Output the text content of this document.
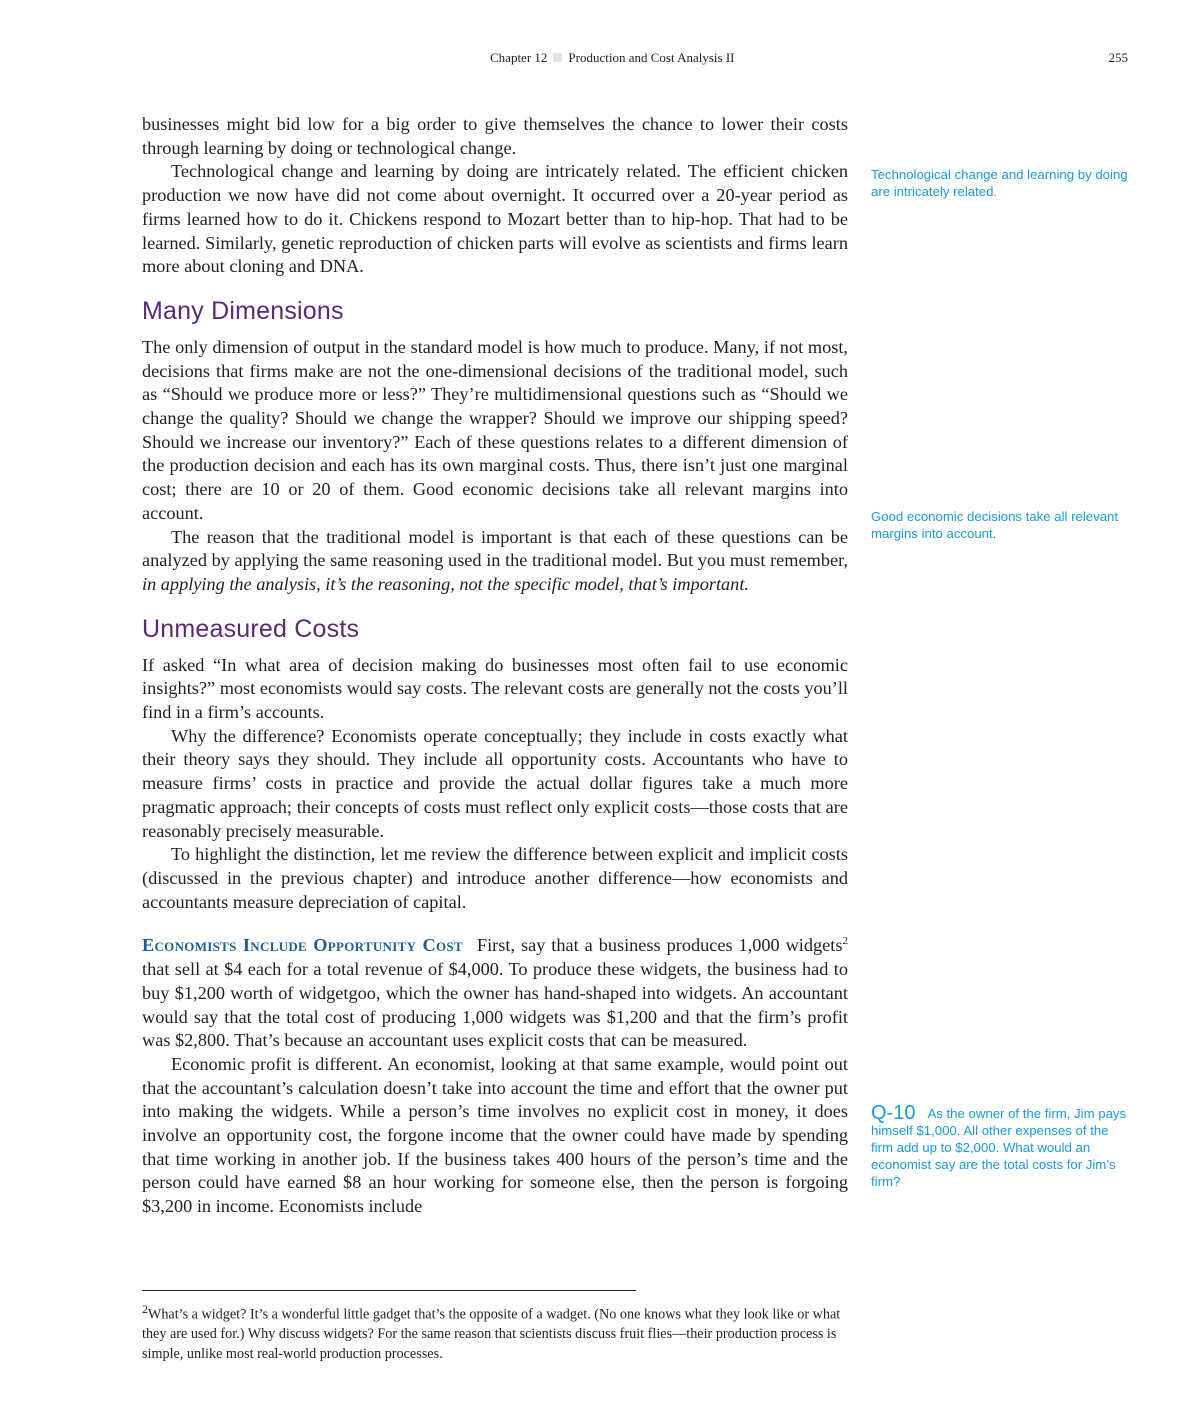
Chapter 12 Production and Cost Analysis II	255

businesses might bid low for a big order to give themselves the chance to lower their costs through learning by doing or technological change.

Technological change and learning by doing are intricately related. The efficient chicken production we now have did not come about overnight. It occurred over a 20-year period as firms learned how to do it. Chickens respond to Mozart better than to hip-hop. That had to be learned. Similarly, genetic reproduction of chicken parts will evolve as scientists and firms learn more about cloning and DNA.

Many Dimensions

The only dimension of output in the standard model is how much to produce. Many, if not most, decisions that firms make are not the one-dimensional decisions of the traditional model, such as “Should we produce more or less?” They’re multidimensional questions such as “Should we change the quality? Should we change the wrapper? Should we improve our shipping speed? Should we increase our inventory?” Each of these questions relates to a different dimension of the production decision and each has its own marginal costs. Thus, there isn’t just one marginal cost; there are 10 or 20 of them. Good economic decisions take all relevant margins into account.

The reason that the traditional model is important is that each of these questions can be analyzed by applying the same reasoning used in the traditional model. But you must remember, in applying the analysis, it’s the reasoning, not the specific model, that’s important.

Unmeasured Costs

If asked “In what area of decision making do businesses most often fail to use economic insights?” most economists would say costs. The relevant costs are generally not the costs you’ll find in a firm’s accounts.

Why the difference? Economists operate conceptually; they include in costs exactly what their theory says they should. They include all opportunity costs. Accountants who have to measure firms’ costs in practice and provide the actual dollar figures take a much more pragmatic approach; their concepts of costs must reflect only explicit costs—those costs that are reasonably precisely measurable.

To highlight the distinction, let me review the difference between explicit and implicit costs (discussed in the previous chapter) and introduce another difference—how economists and accountants measure depreciation of capital.

Economists Include Opportunity Cost First, say that a business produces 1,000 widgets$^2$ that sell at $4 each for a total revenue of $4,000. To produce these widgets, the business had to buy $1,200 worth of widgetgoo, which the owner has hand-shaped into widgets. An accountant would say that the total cost of producing 1,000 widgets was $1,200 and that the firm’s profit was $2,800. That’s because an accountant uses explicit costs that can be measured.

Economic profit is different. An economist, looking at that same example, would point out that the accountant’s calculation doesn’t take into account the time and effort that the owner put into making the widgets. While a person’s time involves no explicit cost in money, it does involve an opportunity cost, the forgone income that the owner could have made by spending that time working in another job. If the business takes 400 hours of the person’s time and the person could have earned $8 an hour working for someone else, then the person is forgoing $3,200 in income. Economists include

Technological change and learning by doing are intricately related.
Good economic decisions take all relevant margins into account.
Q-10 As the owner of the firm, Jim pays himself $1,000. All other expenses of the firm add up to $2,000. What would an economist say are the total costs for Jim’s firm?

$^2$What’s a widget? It’s a wonderful little gadget that’s the opposite of a wadget. (No one knows what they look like or what they are used for.) Why discuss widgets? For the same reason that scientists discuss fruit flies—their production process is simple, unlike most real-world production processes.
